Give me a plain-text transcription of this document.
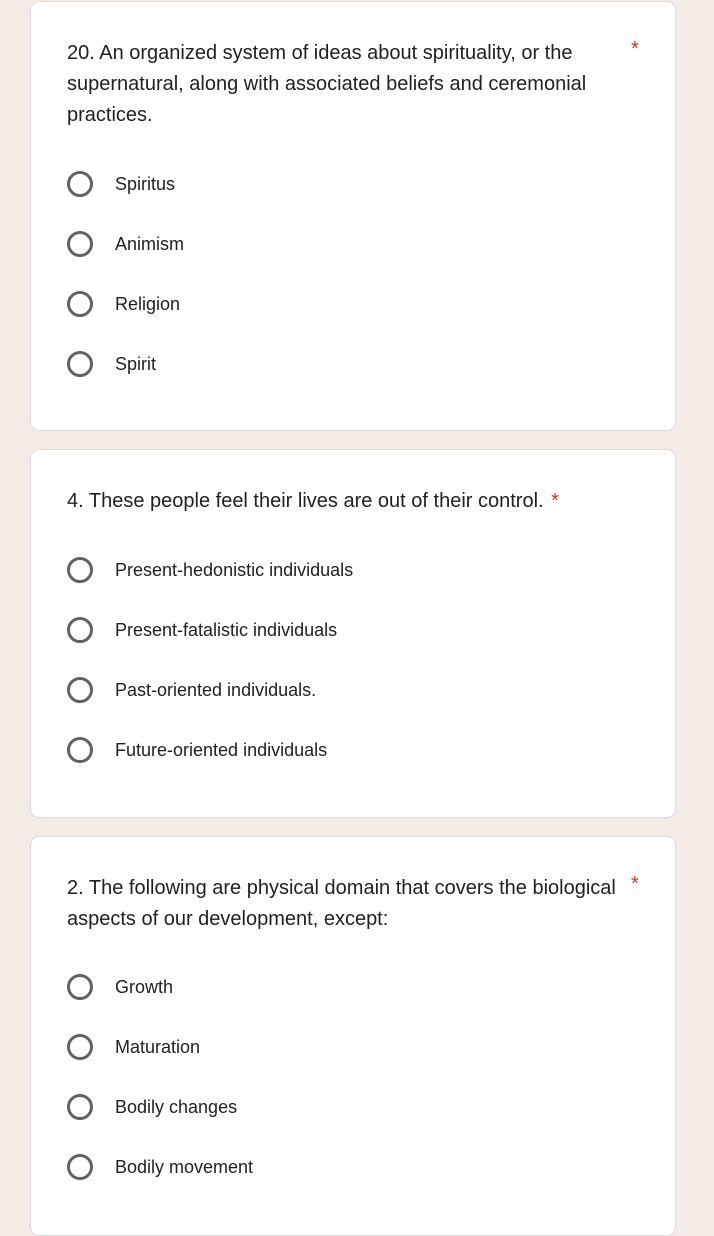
20. An organized system of ideas about spirituality, or the supernatural, along with associated beliefs and ceremonial practices.
*
Spiritus
Animism
Religion
Spirit
4. These people feel their lives are out of their control. *
Present-hedonistic individuals
Present-fatalistic individuals
Past-oriented individuals.
Future-oriented individuals
2. The following are physical domain that covers the biological aspects of our development, except:
*
Growth
Maturation
Bodily changes
Bodily movement
